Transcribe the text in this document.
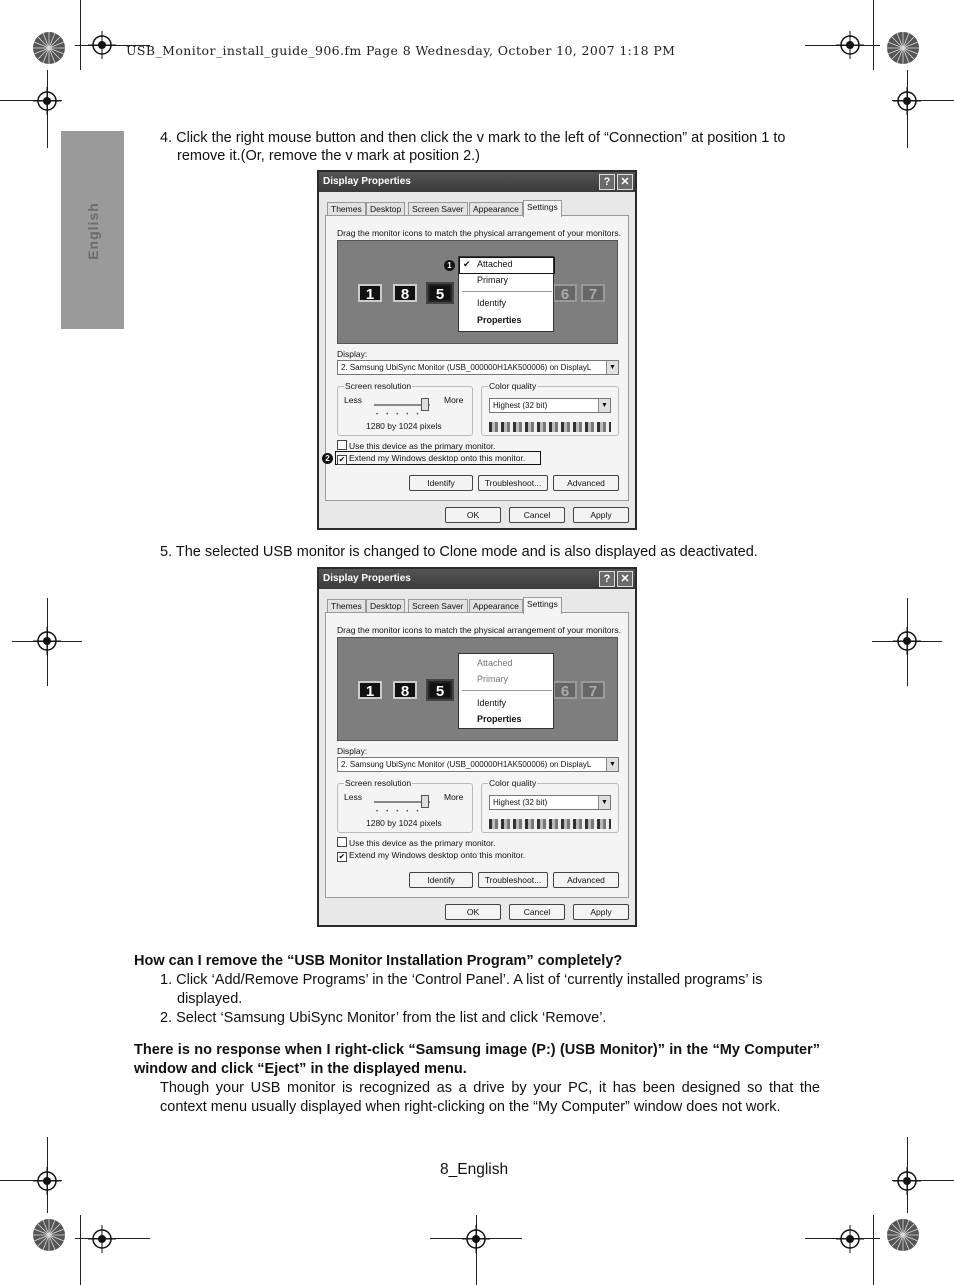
USB_Monitor_install_guide_906.fm Page 8 Wednesday, October 10, 2007 1:18 PM
English
4. Click the right mouse button and then click the v mark to the left of “Connection” at position 1 to remove it.(Or, remove the v mark at position 2.)
Display Properties	? ✕
Themes Desktop	Screen Saver	Appearance Settings
Drag the monitor icons to match the physical arrangement of your monitors.
1	8	5	6	7
1	✔ Attached
Primary
Identify
Properties
Display:
2. Samsung UbiSync Monitor (USB_000000H1AK500006) on DisplayL	▼
Screen resolution
Less	More
•••••
1280 by 1024 pixels
Color quality
Highest (32 bit)	▼
Use this device as the primary monitor.
2	✔ Extend my Windows desktop onto this monitor.
Identify	Troubleshoot...	Advanced
OK	Cancel	Apply
5. The selected USB monitor is changed to Clone mode and is also displayed as deactivated.
Display Properties	? ✕
Themes Desktop	Screen Saver	Appearance Settings
Drag the monitor icons to match the physical arrangement of your monitors.
1	8	5	6	7
Attached
Primary
Identify
Properties
Display:
2. Samsung UbiSync Monitor (USB_000000H1AK500006) on DisplayL	▼
Screen resolution
Less	More
•••••
1280 by 1024 pixels
Color quality
Highest (32 bit)	▼
Use this device as the primary monitor.
✔ Extend my Windows desktop onto this monitor.
Identify	Troubleshoot...	Advanced
OK	Cancel	Apply
How can I remove the “USB Monitor Installation Program” completely?
1. Click ‘Add/Remove Programs’ in the ‘Control Panel’. A list of ‘currently installed programs’ is displayed.
2. Select ‘Samsung UbiSync Monitor’ from the list and click ‘Remove’.
There is no response when I right-click “Samsung image (P:) (USB Monitor)” in the “My Computer” window and click “Eject” in the displayed menu.
Though your USB monitor is recognized as a drive by your PC, it has been designed so that the context menu usually displayed when right-clicking on the “My Computer” window does not work.
8_English
